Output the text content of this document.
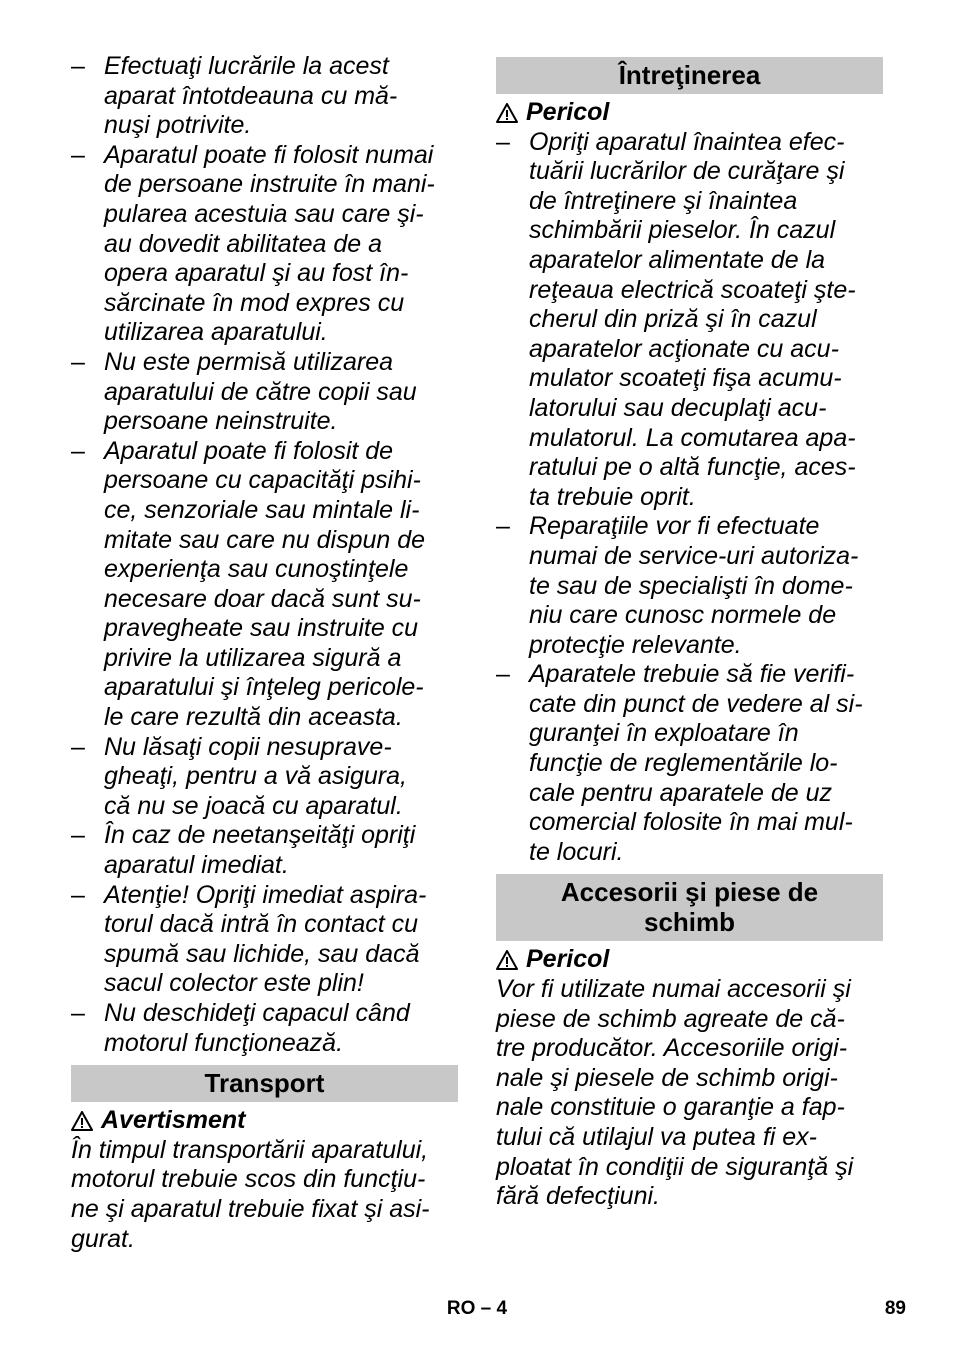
– Efectuaţi lucrările la acest
aparat întotdeauna cu mă-
nuşi potrivite.
– Aparatul poate fi folosit numai
de persoane instruite în mani-
pularea acestuia sau care şi-
au dovedit abilitatea de a
opera aparatul şi au fost în-
sărcinate în mod expres cu
utilizarea aparatului.
– Nu este permisă utilizarea
aparatului de către copii sau
persoane neinstruite.
– Aparatul poate fi folosit de
persoane cu capacităţi psihi-
ce, senzoriale sau mintale li-
mitate sau care nu dispun de
experienţa sau cunoştinţele
necesare doar dacă sunt su-
pravegheate sau instruite cu
privire la utilizarea sigură a
aparatului şi înţeleg pericole-
le care rezultă din aceasta.
– Nu lăsaţi copii nesuprave-
gheaţi, pentru a vă asigura,
că nu se joacă cu aparatul.
– În caz de neetanşeităţi opriţi
aparatul imediat.
– Atenţie! Opriţi imediat aspira-
torul dacă intră în contact cu
spumă sau lichide, sau dacă
sacul colector este plin!
– Nu deschideţi capacul când
motorul funcţionează.
Transport
Avertisment
În timpul transportării aparatului,
motorul trebuie scos din funcţiu-
ne şi aparatul trebuie fixat şi asi-
gurat.
Întreţinerea
Pericol
– Opriţi aparatul înaintea efec-
tuării lucrărilor de curăţare şi
de întreţinere şi înaintea
schimbării pieselor. În cazul
aparatelor alimentate de la
reţeaua electrică scoateţi şte-
cherul din priză şi în cazul
aparatelor acţionate cu acu-
mulator scoateţi fişa acumu-
latorului sau decuplaţi acu-
mulatorul. La comutarea apa-
ratului pe o altă funcţie, aces-
ta trebuie oprit.
– Reparaţiile vor fi efectuate
numai de service-uri autoriza-
te sau de specialişti în dome-
niu care cunosc normele de
protecţie relevante.
– Aparatele trebuie să fie verifi-
cate din punct de vedere al si-
guranţei în exploatare în
funcţie de reglementările lo-
cale pentru aparatele de uz
comercial folosite în mai mul-
te locuri.
Accesorii şi piese de
schimb
Pericol
Vor fi utilizate numai accesorii şi
piese de schimb agreate de că-
tre producător. Accesoriile origi-
nale şi piesele de schimb origi-
nale constituie o garanţie a fap-
tului că utilajul va putea fi ex-
ploatat în condiţii de siguranţă şi
fără defecţiuni.
RO – 4	89
